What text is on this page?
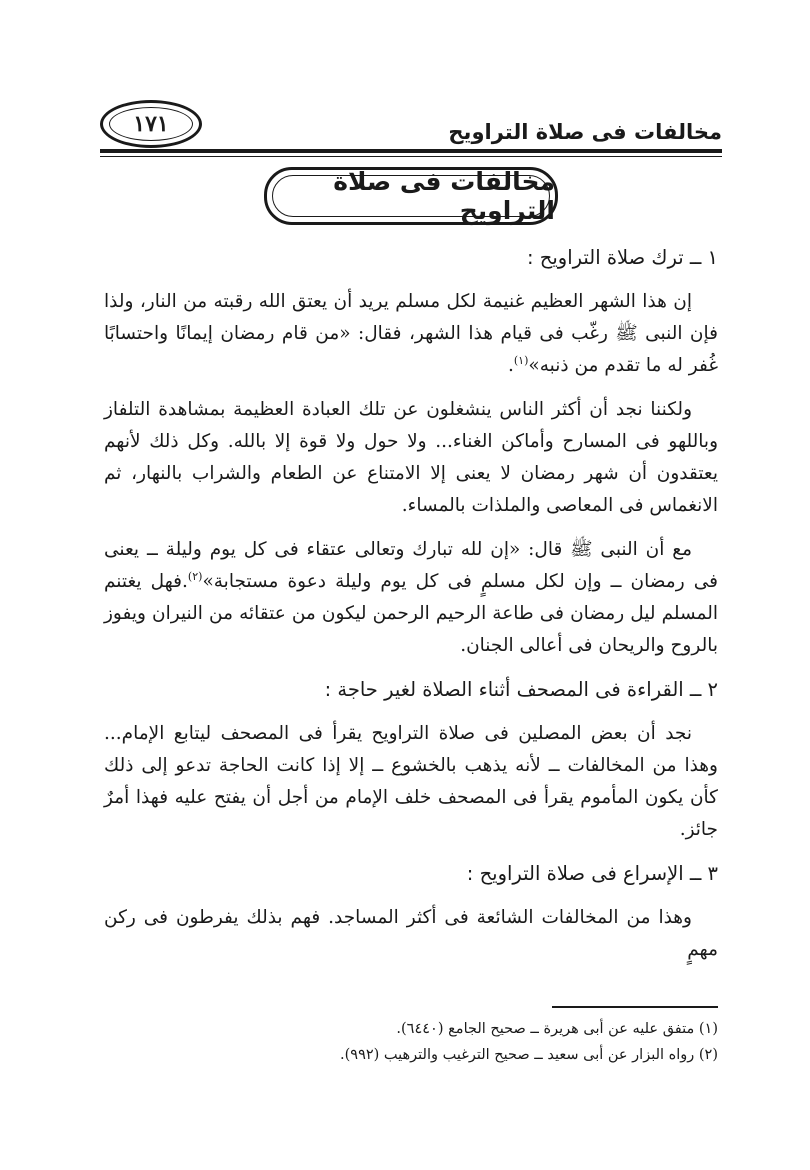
مخالفات فى صلاة التراويح
١٧١
مخالفات فى صلاة التراويح
١ ــ ترك صلاة التراويح :

إن هذا الشهر العظيم غنيمة لكل مسلم يريد أن يعتق الله رقبته من النار، ولذا فإن النبى ﷺ رغّب فى قيام هذا الشهر، فقال: «من قام رمضان إيمانًا واحتسابًا غُفر له ما تقدم من ذنبه»$^{(١)}$.

ولكننا نجد أن أكثر الناس ينشغلون عن تلك العبادة العظيمة بمشاهدة التلفاز وباللهو فى المسارح وأماكن الغناء... ولا حول ولا قوة إلا بالله. وكل ذلك لأنهم يعتقدون أن شهر رمضان لا يعنى إلا الامتناع عن الطعام والشراب بالنهار، ثم الانغماس فى المعاصى والملذات بالمساء.

مع أن النبى ﷺ قال: «إن لله تبارك وتعالى عتقاء فى كل يوم وليلة ــ يعنى فى رمضان ــ وإن لكل مسلمٍ فى كل يوم وليلة دعوة مستجابة»$^{(٢)}$.فهل يغتنم المسلم ليل رمضان فى طاعة الرحيم الرحمن ليكون من عتقائه من النيران ويفوز بالروح والريحان فى أعالى الجنان.

٢ ــ القراءة فى المصحف أثناء الصلاة لغير حاجة :

نجد أن بعض المصلين فى صلاة التراويح يقرأ فى المصحف ليتابع الإمام... وهذا من المخالفات ــ لأنه يذهب بالخشوع ــ إلا إذا كانت الحاجة تدعو إلى ذلك كأن يكون المأموم يقرأ فى المصحف خلف الإمام من أجل أن يفتح عليه فهذا أمرٌ جائز.

٣ ــ الإسراع فى صلاة التراويح :

وهذا من المخالفات الشائعة فى أكثر المساجد. فهم بذلك يفرطون فى ركن مهمٍ

(١) متفق عليه عن أبى هريرة ــ صحيح الجامع (٦٤٤٠).
(٢) رواه البزار عن أبى سعيد ــ صحيح الترغيب والترهيب (٩٩٢).
